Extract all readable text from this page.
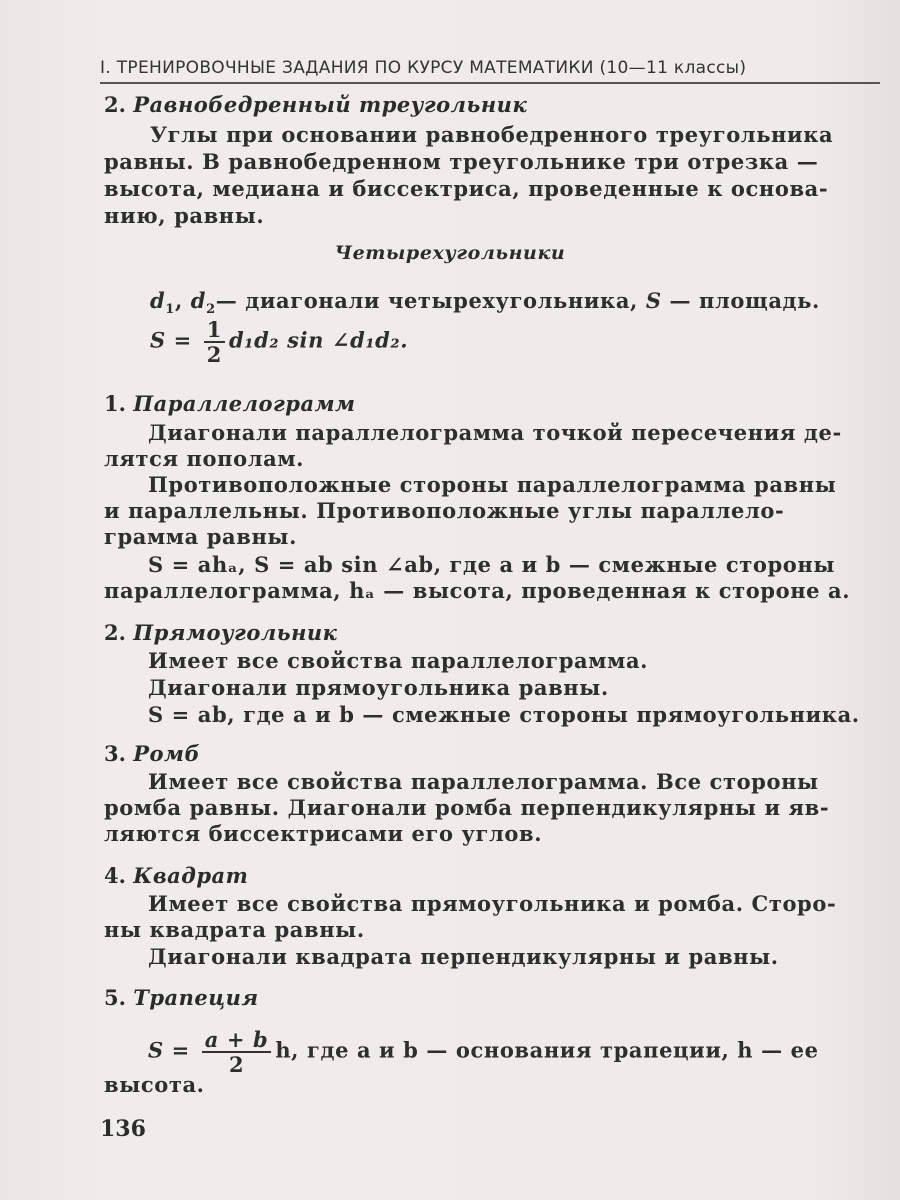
I. ТРЕНИРОВОЧНЫЕ ЗАДАНИЯ ПО КУРСУ МАТЕМАТИКИ (10—11 классы)
2. Равнобедренный треугольник
Углы при основании равнобедренного треугольника
равны. В равнобедренном треугольнике три отрезка —
высота, медиана и биссектриса, проведенные к основа-
нию, равны.
Четырехугольники
$d_1$, $d_2—$ диагонали четырехугольника, S — площадь.
$S = \frac{1}{2} d_1d_2$ sin ∠d₁d₂.
1. Параллелограмм
Диагонали параллелограмма точкой пересечения де-
лятся пополам.
Противоположные стороны параллелограмма равны
и параллельны. Противоположные углы параллело-
грамма равны.
S = ahₐ, S = ab sin ∠ab, где a и b — смежные стороны
параллелограмма, hₐ — высота, проведенная к стороне a.
2. Прямоугольник
Имеет все свойства параллелограмма.
Диагонали прямоугольника равны.
S = ab, где a и b — смежные стороны прямоугольника.
3. Ромб
Имеет все свойства параллелограмма. Все стороны
ромба равны. Диагонали ромба перпендикулярны и яв-
ляются биссектрисами его углов.
4. Квадрат
Имеет все свойства прямоугольника и ромба. Сторо-
ны квадрата равны.
Диагонали квадрата перпендикулярны и равны.
5. Трапеция
$S = \frac{a + b}{2} h$, где a и b — основания трапеции, h — ее
высота.
136
